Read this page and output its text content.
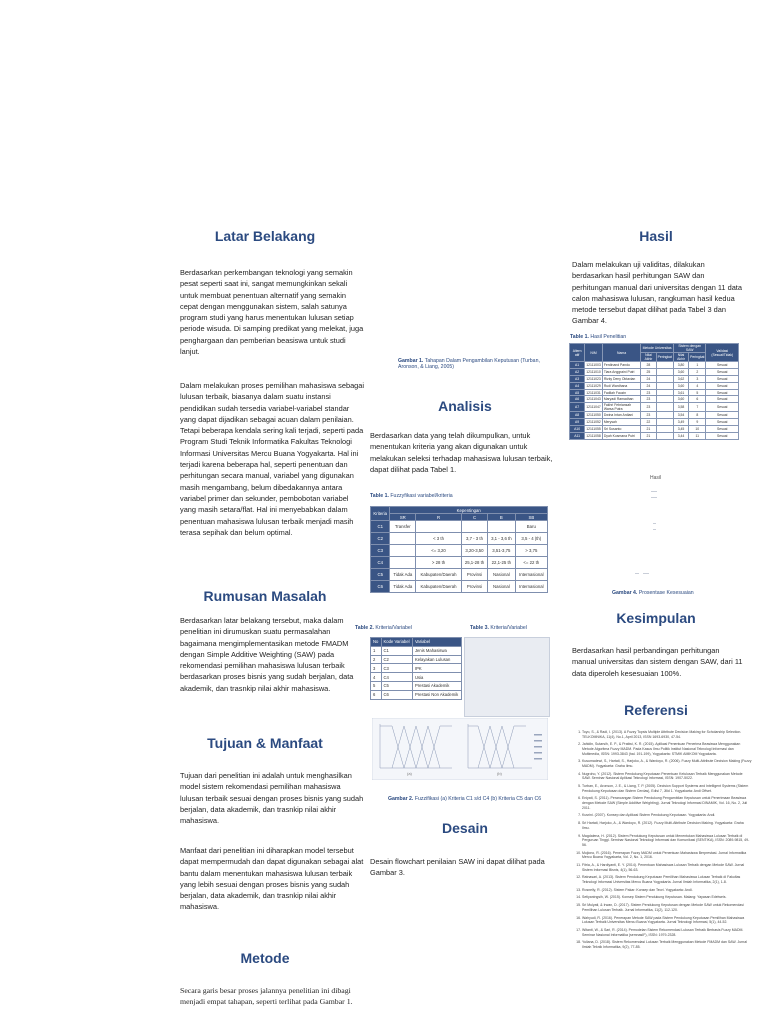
Latar Belakang

Berdasarkan perkembangan teknologi yang semakin pesat seperti saat ini, sangat memungkinkan sekali untuk membuat penentuan alternatif yang semakin cepat dengan menggunakan sistem, salah satunya program studi yang harus menentukan lulusan setiap periode wisuda. Di samping predikat yang melekat, juga penghargaan dan pemberian beasiswa untuk studi lanjut.

Dalam melakukan proses pemilihan mahasiswa sebagai lulusan terbaik, biasanya dalam suatu instansi pendidikan sudah tersedia variabel-variabel standar yang dapat dijadikan sebagai acuan dalam penilaian. Tetapi beberapa kendala sering kali terjadi, seperti pada Program Studi Teknik Informatika Fakultas Teknologi Informasi Universitas Mercu Buana Yogyakarta. Hal ini terjadi karena beberapa hal, seperti penentuan dan perhitungan secara manual, variabel yang digunakan masih mengambang, belum dibedakannya antara variabel primer dan sekunder, pembobotan variabel yang masih setara/flat. Hal ini menyebabkan dalam penentuan mahasiswa lulusan terbaik menjadi masih terasa sepihak dan belum optimal.

Rumusan Masalah

Berdasarkan latar belakang tersebut, maka dalam penelitian ini dirumuskan suatu permasalahan bagaimana mengimplementasikan metode FMADM dengan Simple Additive Weighting (SAW) pada rekomendasi pemilihan mahasiswa lulusan terbaik berdasarkan proses bisnis yang sudah berjalan, data akademik, dan trasnkip nilai akhir mahasiswa.

Tujuan & Manfaat

Tujuan dari penelitian ini adalah untuk menghasilkan model sistem rekomendasi pemilihan mahasiswa lulusan terbaik sesuai dengan proses bisnis yang sudah berjalan, data akademik, dan trasnkip nilai akhir mahasiswa.

Manfaat dari penelitian ini diharapkan model tersebut dapat mempermudah dan dapat digunakan sebagai alat bantu dalam menentukan mahasiswa lulusan terbaik yang lebih sesuai dengan proses bisnis yang sudah berjalan, data akademik, dan trasnkip nilai akhir mahasiswa.

Metode

Secara garis besar proses jalannya penelitian ini dibagi menjadi empat tahapan, seperti terlihat pada Gambar 1.

Gambar 1. Tahapan Dalam Pengambilan Keputusan (Turban, Aronson, & Liang, 2005)
Analisis

Berdasarkan data yang telah dikumpulkan, untuk menentukan kriteria yang akan digunakan untuk melakukan seleksi terhadap mahasiswa lulusan terbaik, dapat dilihat pada Tabel 1.

Table 1. Fuzzyfikasi variabel/kriteria
Kriteria	Kepentingan				
	SR	R	C	B	SB
C1	Transfer				Baru
C2		< 3 th	3,7 - 3 th	3,1 - 3,6 th	3,5 - 4 (th)
C3		<= 3,20	3,20-3,50	3,51-3,75	> 3,75
C4		> 28 th	25,1-28 th	22,1-25 th	<= 22 th
C5	Tidak Ada	Kabupaten/Daerah	Provinsi	Nasional	Internasional
C6	Tidak Ada	Kabupaten/Daerah	Provinsi	Nasional	Internasional
Table 2. Kriteria/Variabel	Table 3. Kriteria/Variabel
No	Kode Variabel	Variabel
1	C1	Jenis Mahasiswa
2	C2	Kelayakan Lulusan
3	C3	IPK
4	C4	Usia
5	C5	Prestasi Akademik
6	C6	Prestasi Non Akademik
(a)	(b)
Gambar 2. Fuzzifikasi (a) Kriteria C1 s/d C4 (b) Kriteria C5 dan C6
Desain

Desain flowchart penilaian SAW ini dapat dilihat pada Gambar 3.

Hasil

Dalam melakukan uji validitas, dilakukan berdasarkan hasil perhitungan SAW dan perhitungan manual dari universitas dengan 11 data calon mahasiswa lulusan, rangkuman hasil kedua metode tersebut dapat dilihat pada Tabel 3 dan Gambar 4.

Table 1. Hasil Penelitian
Altern atif	NIM	Nama	Metode Universitas		Sistem dengan SAW		Validasi (Sesuai/Tidak)
			Nilai Akhir	Peringkat	Nilai Akhir	Peringkat	
A1	12111003	Ferdinand Pandu	28		3,80	1	Sesuai
A2	12111010	Tiara Anggraini Putri	25		3,60	2	Sesuai
A3	12111023	Rizky Deny Oktavian	24		3,62	3	Sesuai
A4	12111029	Rudi Wardhana	24		3,60	4	Sesuai
A5	12111031	Fadilah Fauzin	23		3,61	5	Sesuai
A6	12111043	Maryadi Ramadhan	23		3,60	6	Sesuai
A7	12111047	Fakhri Febriansah Warsa Putra	23		3,58	7	Sesuai
A8	12111050	Dwina Intan Ardiani	23		3,54	8	Sesuai
A9	12111052	Merysah	22		3,49	9	Sesuai
A10	12111055	Sri Susanto	21		3,45	10	Sesuai
A11	12111058	Dyah Kusmana Putri	21		3,44	11	Sesuai
Hasil
Gambar 4. Prosentase Kesesuaian
Kesimpulan

Berdasarkan hasil perbandingan perhitungan manual universitas dan sistem dengan SAW, dari 11 data diperoleh kesesuaian 100%.

Referensi
1. Toyo, S., & Radi, I. (2013). A Fuzzy Topsis Multiple Attribute Decision Making for Scholarship Selection. TELKOMNIKA, 11(4), No.1, April 2013, ISSN 1693-6930, 47-54.
2. Jahidin, Sutarsih, E. P., & Pratiwi, K. R. (2015). Aplikasi Penentuan Penerima Beasiswa Menggunakan Metode Algoritma Fuzzy MADM. Pada Kasus Ilmu Politik Institut Nasional Teknologi Informasi dan Multimedia, ISSN: 1993-3843 (hal. 191-199), Yogyakarta: STMIK AMIKOM Yogyakarta.
3. Kusumadewi, S., Hartati, S., Harjoko, A., & Wardoyo, R. (2006). Fuzzy Multi-Attribute Decision Making (Fuzzy MADM). Yogyakarta: Graha Ilmu.
4. Nugroho, Y. (2012). Sistem Pendukung Keputusan Penentuan Kelulusan Terbaik Menggunakan Metode SAW. Seminar Nasional Aplikasi Teknologi Informasi, ISSN: 1907-5022.
5. Turban, E., Aronson, J. E., & Liang, T. P. (2005). Decision Support Systems and Intelligent Systems (Sistem Pendukung Keputusan dan Sistem Cerdas), Edisi 7, Jilid 1. Yogyakarta: Andi Offset.
6. Eniyati, S. (2011). Perancangan Sistem Pendukung Pengambilan Keputusan untuk Penerimaan Beasiswa dengan Metode SAW (Simple Additive Weighting). Jurnal Teknologi Informasi DINAMIK, Vol. 16, No. 2, Juli 2011.
7. Kusrini. (2007). Konsep dan Aplikasi Sistem Pendukung Keputusan. Yogyakarta: Andi.
8. Sri Hartati, Harjoko, A., & Wardoyo, R. (2012). Fuzzy Multi-Attribute Decision Making. Yogyakarta: Graha Ilmu.
9. Magdalena, H. (2012). Sistem Pendukung Keputusan untuk Menentukan Mahasiswa Lulusan Terbaik di Perguruan Tinggi. Seminar Nasional Teknologi Informasi dan Komunikasi (SENTIKA), ISSN: 2089-9815, 49-56.
10. Mujiono, R. (2016). Penerapan Fuzzy MADM untuk Penentuan Mahasiswa Berprestasi. Jurnal Informatika Mercu Buana Yogyakarta, Vol. 2, No. 1, 2016.
11. Fitria, A., & Hardiyanti, E. Y. (2014). Penentuan Mahasiswa Lulusan Terbaik dengan Metode SAW. Jurnal Sistem Informasi Bisnis, 4(1), 56-63.
12. Ratnasari, A. (2013). Sistem Pendukung Keputusan Pemilihan Mahasiswa Lulusan Terbaik di Fakultas Teknologi Informasi Universitas Mercu Buana Yogyakarta. Jurnal Ilmiah Informatika, 2(1), 1-8.
13. Rosnelly, R. (2012). Sistem Pakar: Konsep dan Teori. Yogyakarta: Andi.
14. Setiyaningsih, W. (2015). Konsep Sistem Pendukung Keputusan. Malang: Yayasan Edelweis.
15. Sri Mulyati, & Irwan, D. (2017). Sistem Pendukung Keputusan dengan Metode SAW untuk Rekomendasi Pemilihan Lulusan Terbaik. Jurnal Informatika, 11(2), 112-120.
16. Wahyudi, R. (2016). Penerapan Metode SAW pada Sistem Pendukung Keputusan Pemilihan Mahasiswa Lulusan Terbaik Universitas Mercu Buana Yogyakarta. Jurnal Teknologi Informasi, 5(1), 44-52.
17. Witanti, W., & Sari, R. (2014). Pemodelan Sistem Rekomendasi Lulusan Terbaik Berbasis Fuzzy MADM. Seminar Nasional Informatika (semnasIF), ISSN: 1979-2328.
18. Yuliana, D. (2018). Sistem Rekomendasi Lulusan Terbaik Menggunakan Metode FMADM dan SAW. Jurnal Ilmiah Teknik Informatika, 9(2), 77-85.
